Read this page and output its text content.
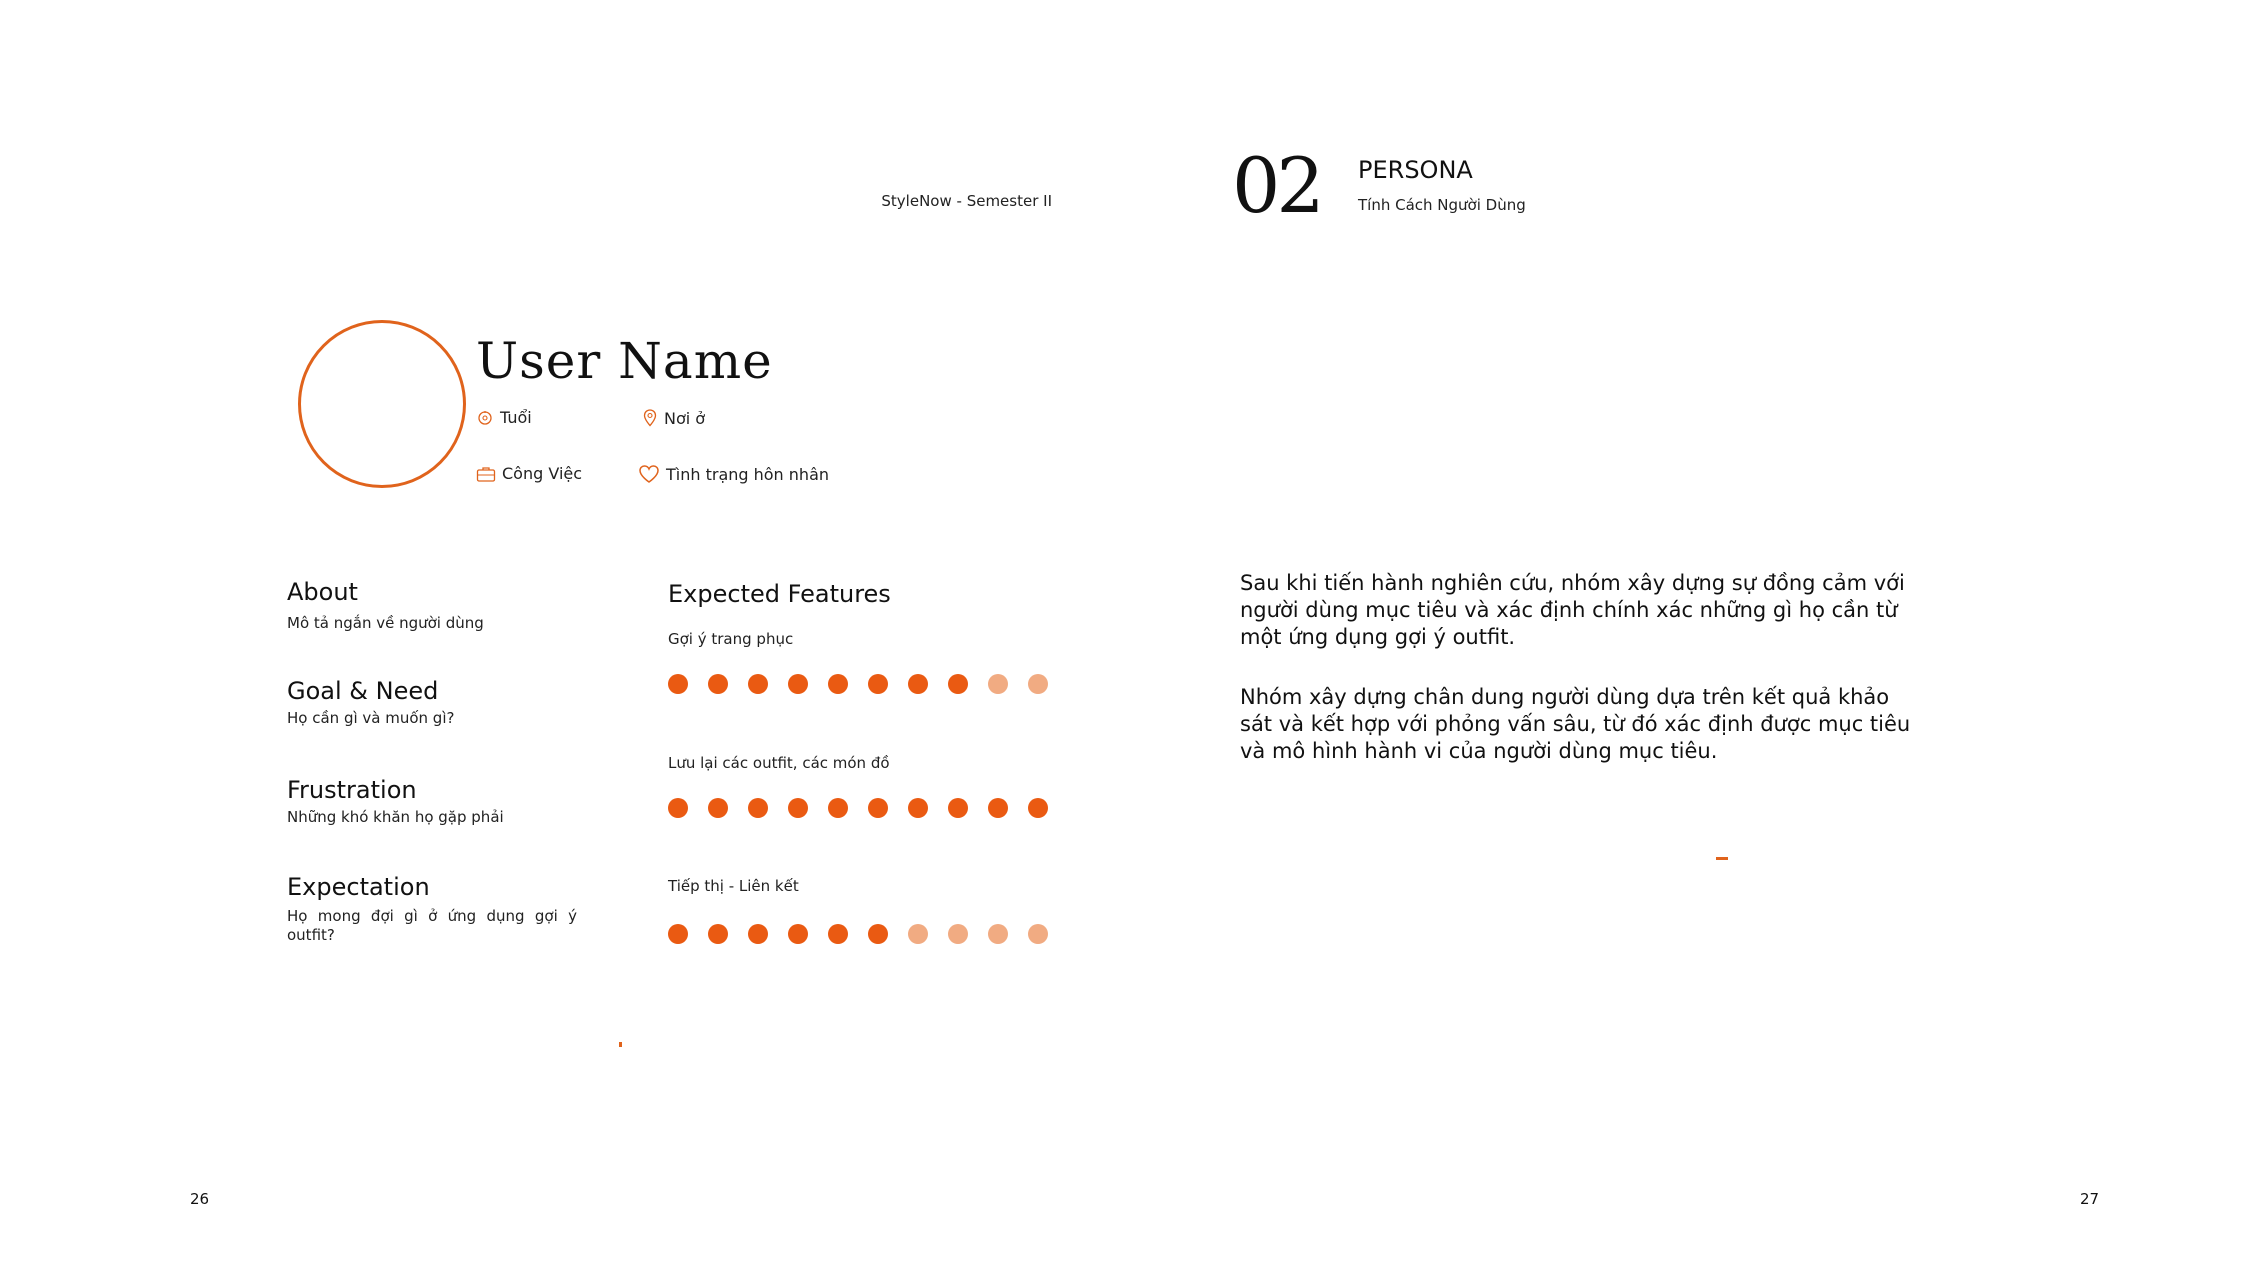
StyleNow - Semester II 02 PERSONA
Tính Cách Người Dùng
User Name
Tuổi	Nơi ở
Công Việc	Tình trạng hôn nhân
About
Mô tả ngắn về người dùng
Goal & Need
Họ cần gì và muốn gì?
Frustration
Những khó khăn họ gặp phải
Expectation
Họ mong đợi gì ở ứng dụng gợi ý outfit?
Expected Features
Gợi ý trang phục
Lưu lại các outfit, các món đồ
Tiếp thị - Liên kết

Sau khi tiến hành nghiên cứu, nhóm xây dựng sự đồng cảm với người dùng mục tiêu và xác định chính xác những gì họ cần từ một ứng dụng gợi ý outfit.

Nhóm xây dựng chân dung người dùng dựa trên kết quả khảo sát và kết hợp với phỏng vấn sâu, từ đó xác định được mục tiêu và mô hình hành vi của người dùng mục tiêu.

26	27
